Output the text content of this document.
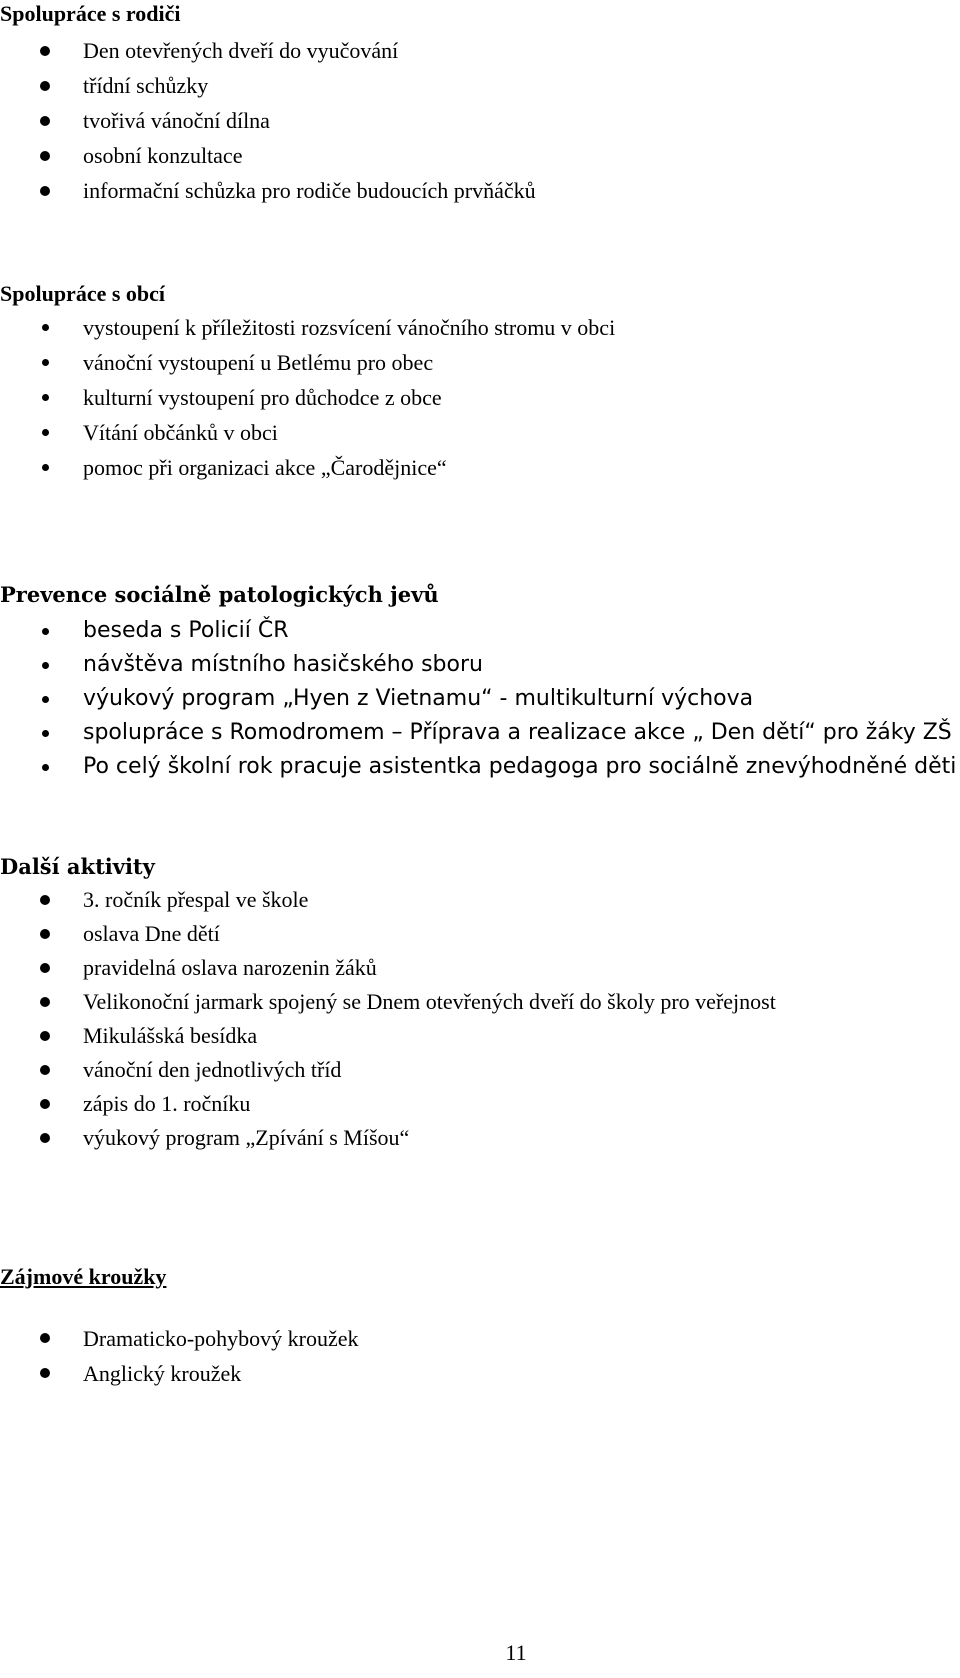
Spolupráce s rodiči
Den otevřených dveří do vyučování
třídní schůzky
tvořivá vánoční dílna
osobní konzultace
informační schůzka pro rodiče budoucích prvňáčků
Spolupráce s obcí
vystoupení k příležitosti rozsvícení vánočního stromu v obci
vánoční vystoupení u Betlému pro obec
kulturní vystoupení pro důchodce z obce
Vítání občánků v obci
pomoc při organizaci akce „Čarodějnice“
Prevence sociálně patologických jevů
beseda s Policií ČR
návštěva místního hasičského sboru
výukový program „Hyen z Vietnamu“ - multikulturní výchova
spolupráce s Romodromem – Příprava a realizace akce „ Den dětí“ pro žáky ZŠ
Po celý školní rok pracuje asistentka pedagoga pro sociálně znevýhodněné děti
Další aktivity
3. ročník přespal ve škole
oslava Dne dětí
pravidelná oslava narozenin žáků
Velikonoční jarmark spojený se Dnem otevřených dveří do školy pro veřejnost
Mikulášská besídka
vánoční den jednotlivých tříd
zápis do 1. ročníku
výukový program „Zpívání s Míšou“
Zájmové kroužky
Dramaticko-pohybový kroužek
Anglický kroužek
11
